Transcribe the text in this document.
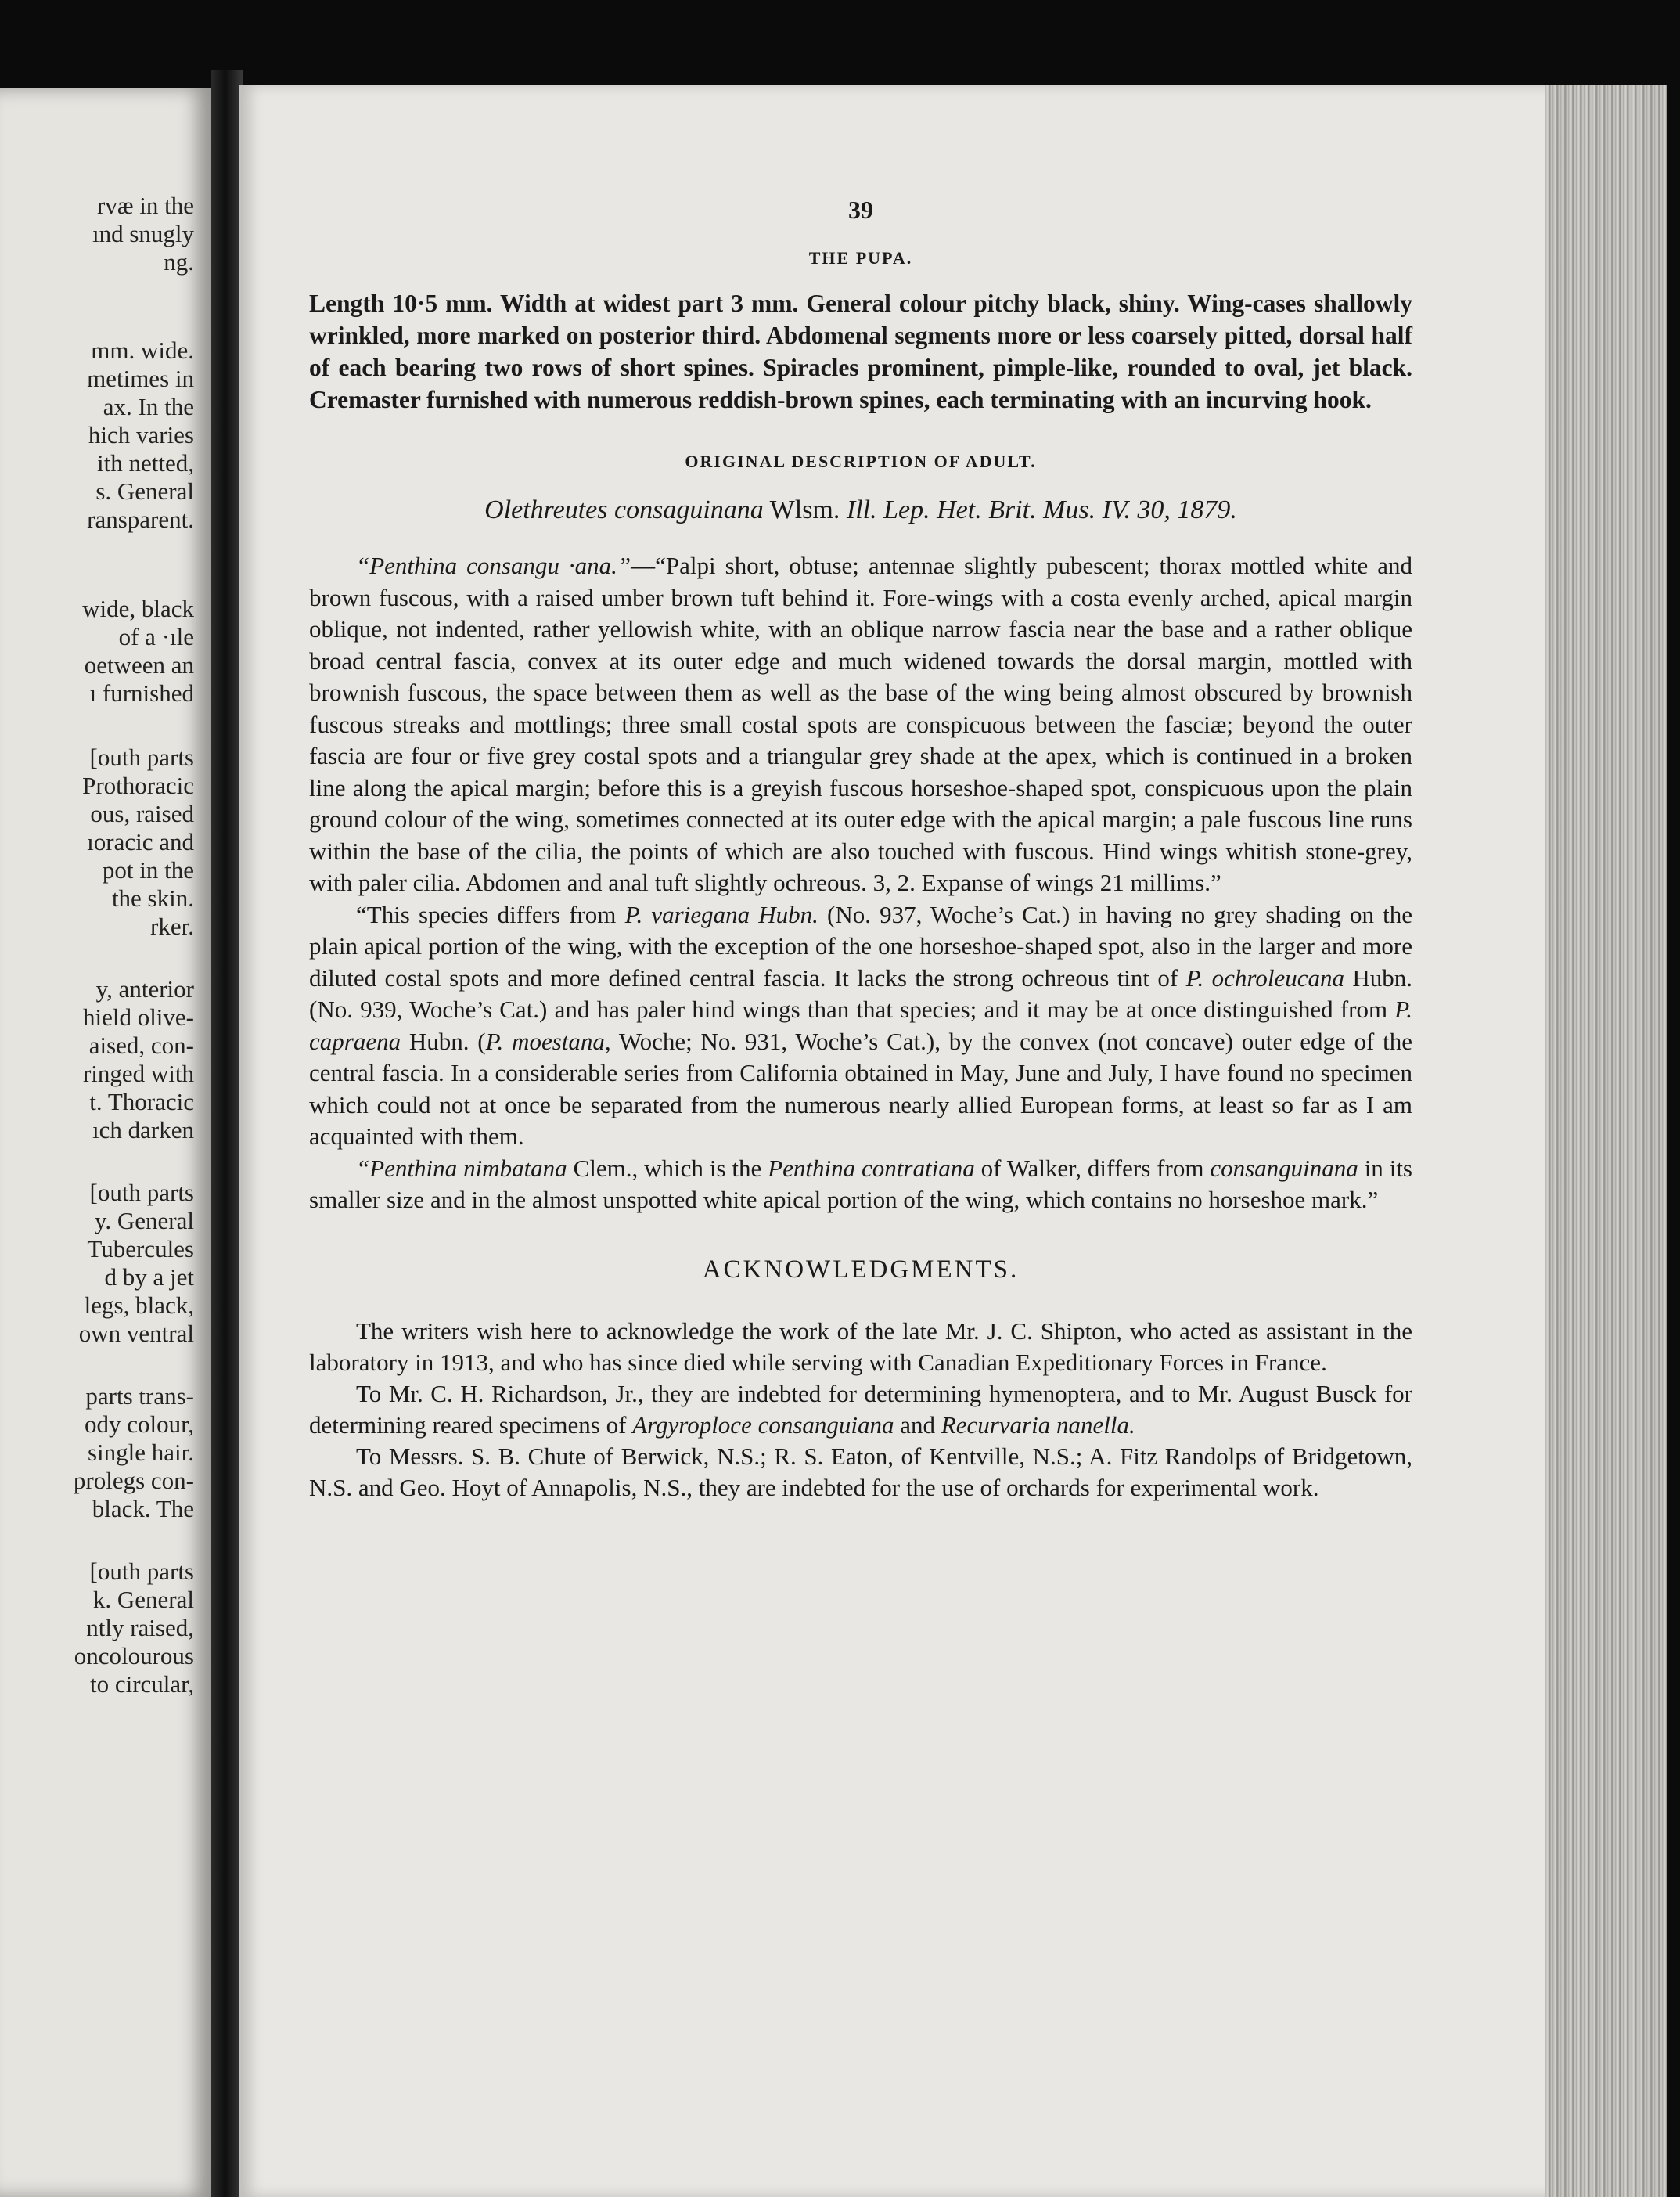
rvæ in the
ınd snugly
ng.
mm. wide.
metimes in
ax. In the
hich varies
ith netted,
s. General
ransparent.
wide, black
of a ·ıle
oetween an
ı furnished
[outh parts
Prothoracic
ous, raised
ıoracic and
pot in the
the skin.
rker.
y, anterior
hield olive-
aised, con-
ringed with
t. Thoracic
ıch darken
[outh parts
y. General
Tubercules
d by a jet
legs, black,
own ventral
parts trans-
ody colour,
single hair.
prolegs con-
black. The
[outh parts
k. General
ntly raised,
oncolourous
to circular,

39

THE PUPA.

Length 10·5 mm. Width at widest part 3 mm. General colour pitchy black, shiny. Wing-cases shallowly wrinkled, more marked on posterior third. Abdomenal segments more or less coarsely pitted, dorsal half of each bearing two rows of short spines. Spiracles prominent, pimple-like, rounded to oval, jet black. Cremaster furnished with numerous reddish-brown spines, each terminating with an incurving hook.

ORIGINAL DESCRIPTION OF ADULT.

Olethreutes consaguinana Wlsm. Ill. Lep. Het. Brit. Mus. IV. 30, 1879.

“Penthina consangu ·ana.”—“Palpi short, obtuse; antennae slightly pubescent; thorax mottled white and brown fuscous, with a raised umber brown tuft behind it. Fore-wings with a costa evenly arched, apical margin oblique, not indented, rather yellowish white, with an oblique narrow fascia near the base and a rather oblique broad central fascia, convex at its outer edge and much widened towards the dorsal margin, mottled with brownish fuscous, the space between them as well as the base of the wing being almost obscured by brownish fuscous streaks and mottlings; three small costal spots are conspicuous between the fasciæ; beyond the outer fascia are four or five grey costal spots and a triangular grey shade at the apex, which is continued in a broken line along the apical margin; before this is a greyish fuscous horseshoe-shaped spot, conspicuous upon the plain ground colour of the wing, sometimes connected at its outer edge with the apical margin; a pale fuscous line runs within the base of the cilia, the points of which are also touched with fuscous. Hind wings whitish stone-grey, with paler cilia. Abdomen and anal tuft slightly ochreous. 3, 2. Expanse of wings 21 millims.”

“This species differs from P. variegana Hubn. (No. 937, Woche’s Cat.) in having no grey shading on the plain apical portion of the wing, with the exception of the one horseshoe-shaped spot, also in the larger and more diluted costal spots and more defined central fascia. It lacks the strong ochreous tint of P. ochroleucana Hubn. (No. 939, Woche’s Cat.) and has paler hind wings than that species; and it may be at once distinguished from P. capraena Hubn. (P. moestana, Woche; No. 931, Woche’s Cat.), by the convex (not concave) outer edge of the central fascia. In a considerable series from California obtained in May, June and July, I have found no specimen which could not at once be separated from the numerous nearly allied European forms, at least so far as I am acquainted with them.

“Penthina nimbatana Clem., which is the Penthina contratiana of Walker, differs from consanguinana in its smaller size and in the almost unspotted white apical portion of the wing, which contains no horseshoe mark.”

ACKNOWLEDGMENTS.

The writers wish here to acknowledge the work of the late Mr. J. C. Shipton, who acted as assistant in the laboratory in 1913, and who has since died while serving with Canadian Expeditionary Forces in France.

To Mr. C. H. Richardson, Jr., they are indebted for determining hymenoptera, and to Mr. August Busck for determining reared specimens of Argyroploce consanguiana and Recurvaria nanella.

To Messrs. S. B. Chute of Berwick, N.S.; R. S. Eaton, of Kentville, N.S.; A. Fitz Randolps of Bridgetown, N.S. and Geo. Hoyt of Annapolis, N.S., they are indebted for the use of orchards for experimental work.
